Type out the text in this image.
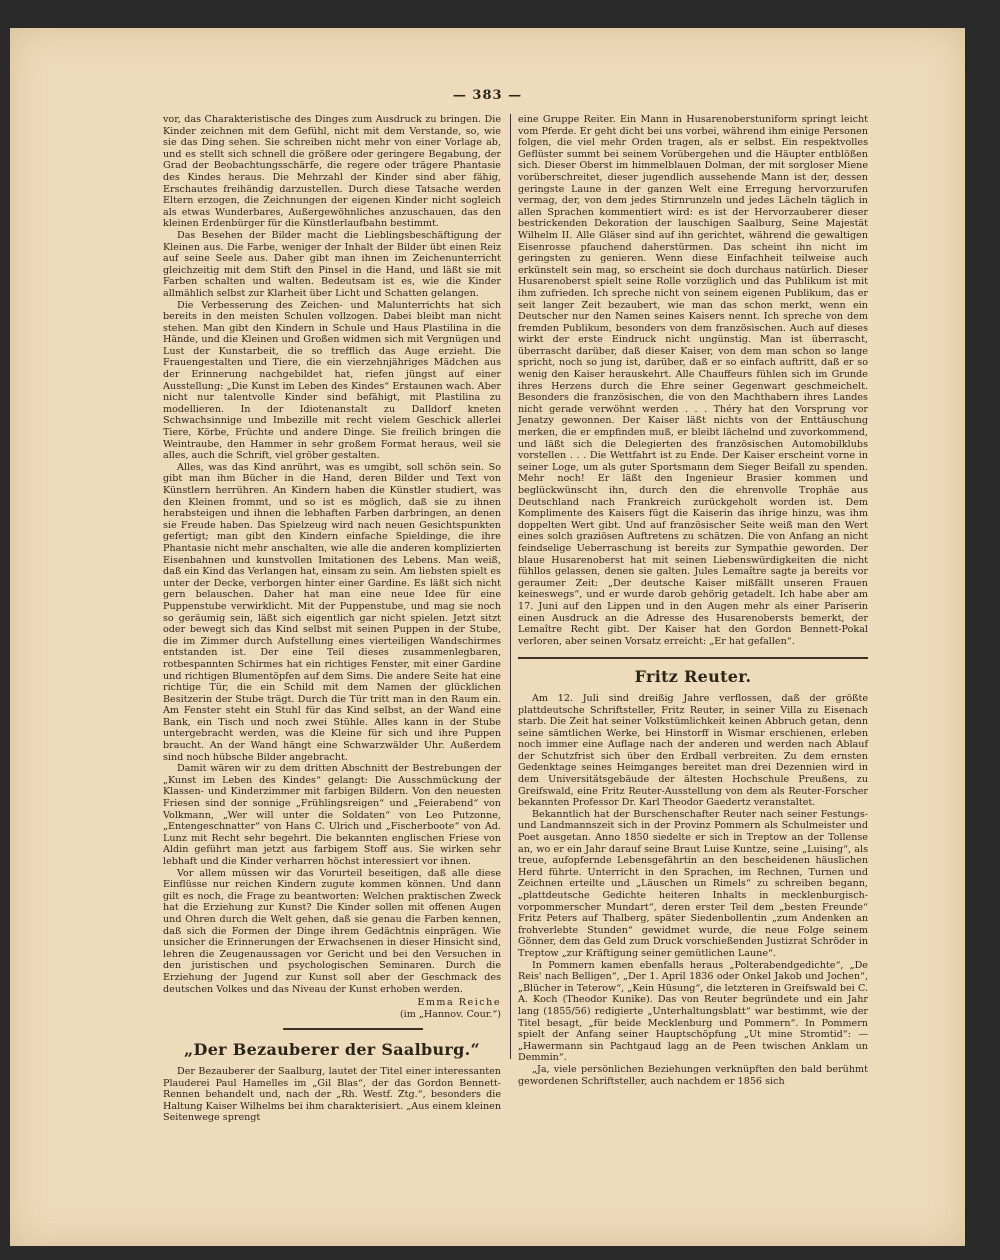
— 383 —

vor, das Charakteristische des Dinges zum Ausdruck zu bringen. Die Kinder zeichnen mit dem Gefühl, nicht mit dem Verstande, so, wie sie das Ding sehen. Sie schreiben nicht mehr von einer Vorlage ab, und es stellt sich schnell die größere oder geringere Begabung, der Grad der Beobachtungsschärfe, die regere oder trägere Phantasie des Kindes heraus. Die Mehrzahl der Kinder sind aber fähig, Erschautes freihändig darzustellen. Durch diese Tatsache werden Eltern erzogen, die Zeichnungen der eigenen Kinder nicht sogleich als etwas Wunderbares, Außergewöhnliches anzuschauen, das den kleinen Erdenbürger für die Künstlerlaufbahn bestimmt.

Das Besehen der Bilder macht die Lieblingsbeschäftigung der Kleinen aus. Die Farbe, weniger der Inhalt der Bilder übt einen Reiz auf seine Seele aus. Daher gibt man ihnen im Zeichenunterricht gleichzeitig mit dem Stift den Pinsel in die Hand, und läßt sie mit Farben schalten und walten. Bedeutsam ist es, wie die Kinder allmählich selbst zur Klarheit über Licht und Schatten gelangen.

Die Verbesserung des Zeichen- und Malunterrichts hat sich bereits in den meisten Schulen vollzogen. Dabei bleibt man nicht stehen. Man gibt den Kindern in Schule und Haus Plastilina in die Hände, und die Kleinen und Großen widmen sich mit Vergnügen und Lust der Kunstarbeit, die so trefflich das Auge erzieht. Die Frauengestalten und Tiere, die ein vierzehnjähriges Mädchen aus der Erinnerung nachgebildet hat, riefen jüngst auf einer Ausstellung: „Die Kunst im Leben des Kindes“ Erstaunen wach. Aber nicht nur talentvolle Kinder sind befähigt, mit Plastilina zu modellieren. In der Idiotenanstalt zu Dalldorf kneten Schwachsinnige und Imbezille mit recht vielem Geschick allerlei Tiere, Körbe, Früchte und andere Dinge. Sie freilich bringen die Weintraube, den Hammer in sehr großem Format heraus, weil sie alles, auch die Schrift, viel gröber gestalten.

Alles, was das Kind anrührt, was es umgibt, soll schön sein. So gibt man ihm Bücher in die Hand, deren Bilder und Text von Künstlern herrühren. An Kindern haben die Künstler studiert, was den Kleinen frommt, und so ist es möglich, daß sie zu ihnen herabsteigen und ihnen die lebhaften Farben darbringen, an denen sie Freude haben. Das Spielzeug wird nach neuen Gesichtspunkten gefertigt; man gibt den Kindern einfache Spieldinge, die ihre Phantasie nicht mehr anschalten, wie alle die anderen komplizierten Eisenbahnen und kunstvollen Imitationen des Lebens. Man weiß, daß ein Kind das Verlangen hat, einsam zu sein. Am liebsten spielt es unter der Decke, verborgen hinter einer Gardine. Es läßt sich nicht gern belauschen. Daher hat man eine neue Idee für eine Puppenstube verwirklicht. Mit der Puppenstube, und mag sie noch so geräumig sein, läßt sich eigentlich gar nicht spielen. Jetzt sitzt oder bewegt sich das Kind selbst mit seinen Puppen in der Stube, die im Zimmer durch Aufstellung eines vierteiligen Wandschirmes entstanden ist. Der eine Teil dieses zusammenlegbaren, rotbespannten Schirmes hat ein richtiges Fenster, mit einer Gardine und richtigen Blumentöpfen auf dem Sims. Die andere Seite hat eine richtige Tür, die ein Schild mit dem Namen der glücklichen Besitzerin der Stube trägt. Durch die Tür tritt man in den Raum ein. Am Fenster steht ein Stuhl für das Kind selbst, an der Wand eine Bank, ein Tisch und noch zwei Stühle. Alles kann in der Stube untergebracht werden, was die Kleine für sich und ihre Puppen braucht. An der Wand hängt eine Schwarzwälder Uhr. Außerdem sind noch hübsche Bilder angebracht.

Damit wären wir zu dem dritten Abschnitt der Bestrebungen der „Kunst im Leben des Kindes“ gelangt: Die Ausschmückung der Klassen- und Kinderzimmer mit farbigen Bildern. Von den neuesten Friesen sind der sonnige „Frühlingsreigen“ und „Feierabend“ von Volkmann, „Wer will unter die Soldaten“ von Leo Putzonne, „Entengeschnatter“ von Hans C. Ulrich und „Fischerboote“ von Ad. Lunz mit Recht sehr begehrt. Die bekannten englischen Friese von Aldin geführt man jetzt aus farbigem Stoff aus. Sie wirken sehr lebhaft und die Kinder verharren höchst interessiert vor ihnen.

Vor allem müssen wir das Vorurteil beseitigen, daß alle diese Einflüsse nur reichen Kindern zugute kommen können. Und dann gilt es noch, die Frage zu beantworten: Welchen praktischen Zweck hat die Erziehung zur Kunst? Die Kinder sollen mit offenen Augen und Ohren durch die Welt gehen, daß sie genau die Farben kennen, daß sich die Formen der Dinge ihrem Gedächtnis einprägen. Wie unsicher die Erinnerungen der Erwachsenen in dieser Hinsicht sind, lehren die Zeugenaussagen vor Gericht und bei den Versuchen in den juristischen und psychologischen Seminaren. Durch die Erziehung der Jugend zur Kunst soll aber der Geschmack des deutschen Volkes und das Niveau der Kunst erhoben werden.

Emma Reiche
(im „Hannov. Cour.“)
„Der Bezauberer der Saalburg.“

Der Bezauberer der Saalburg, lautet der Titel einer interessanten Plauderei Paul Hamelles im „Gil Blas“, der das Gordon Bennett-Rennen behandelt und, nach der „Rh. Westf. Ztg.“, besonders die Haltung Kaiser Wilhelms bei ihm charakterisiert. „Aus einem kleinen Seitenwege sprengt

eine Gruppe Reiter. Ein Mann in Husarenoberstuniform springt leicht vom Pferde. Er geht dicht bei uns vorbei, während ihm einige Personen folgen, die viel mehr Orden tragen, als er selbst. Ein respektvolles Geflüster summt bei seinem Vorübergehen und die Häupter entblößen sich. Dieser Oberst im himmelblauen Dolman, der mit sorgloser Miene vorüberschreitet, dieser jugendlich aussehende Mann ist der, dessen geringste Laune in der ganzen Welt eine Erregung hervorzurufen vermag, der, von dem jedes Stirnrunzeln und jedes Lächeln täglich in allen Sprachen kommentiert wird: es ist der Hervorzauberer dieser bestrickenden Dekoration der lauschigen Saalburg, Seine Majestät Wilhelm II. Alle Gläser sind auf ihn gerichtet, während die gewaltigen Eisenrosse pfauchend daherstürmen. Das scheint ihn nicht im geringsten zu genieren. Wenn diese Einfachheit teilweise auch erkünstelt sein mag, so erscheint sie doch durchaus natürlich. Dieser Husarenoberst spielt seine Rolle vorzüglich und das Publikum ist mit ihm zufrieden. Ich spreche nicht von seinem eigenen Publikum, das er seit langer Zeit bezaubert, wie man das schon merkt, wenn ein Deutscher nur den Namen seines Kaisers nennt. Ich spreche von dem fremden Publikum, besonders von dem französischen. Auch auf dieses wirkt der erste Eindruck nicht ungünstig. Man ist überrascht, überrascht darüber, daß dieser Kaiser, von dem man schon so lange spricht, noch so jung ist, darüber, daß er so einfach auftritt, daß er so wenig den Kaiser herauskehrt. Alle Chauffeurs fühlen sich im Grunde ihres Herzens durch die Ehre seiner Gegenwart geschmeichelt. Besonders die französischen, die von den Machthabern ihres Landes nicht gerade verwöhnt werden . . . Théry hat den Vorsprung vor Jenatzy gewonnen. Der Kaiser läßt nichts von der Enttäuschung merken, die er empfinden muß, er bleibt lächelnd und zuvorkommend, und läßt sich die Delegierten des französischen Automobilklubs vorstellen . . . Die Wettfahrt ist zu Ende. Der Kaiser erscheint vorne in seiner Loge, um als guter Sportsmann dem Sieger Beifall zu spenden. Mehr noch! Er läßt den Ingenieur Brasier kommen und beglückwünscht ihn, durch den die ehrenvolle Trophäe aus Deutschland nach Frankreich zurückgeholt worden ist. Dem Komplimente des Kaisers fügt die Kaiserin das ihrige hinzu, was ihm doppelten Wert gibt. Und auf französischer Seite weiß man den Wert eines solch graziösen Auftretens zu schätzen. Die von Anfang an nicht feindselige Ueberraschung ist bereits zur Sympathie geworden. Der blaue Husarenoberst hat mit seinen Liebenswürdigkeiten die nicht fühllos gelassen, denen sie galten. Jules Lemaître sagte ja bereits vor geraumer Zeit: „Der deutsche Kaiser mißfällt unseren Frauen keineswegs“, und er wurde darob gehörig getadelt. Ich habe aber am 17. Juni auf den Lippen und in den Augen mehr als einer Pariserin einen Ausdruck an die Adresse des Husarenobersts bemerkt, der Lemaître Recht gibt. Der Kaiser hat den Gordon Bennett-Pokal verloren, aber seinen Vorsatz erreicht: „Er hat gefallen“.

Fritz Reuter.

Am 12. Juli sind dreißig Jahre verflossen, daß der größte plattdeutsche Schriftsteller, Fritz Reuter, in seiner Villa zu Eisenach starb. Die Zeit hat seiner Volkstümlichkeit keinen Abbruch getan, denn seine sämtlichen Werke, bei Hinstorff in Wismar erschienen, erleben noch immer eine Auflage nach der anderen und werden nach Ablauf der Schutzfrist sich über den Erdball verbreiten. Zu dem ernsten Gedenktage seines Heimganges bereitet man drei Dezennien wird in dem Universitätsgebäude der ältesten Hochschule Preußens, zu Greifswald, eine Fritz Reuter-Ausstellung von dem als Reuter-Forscher bekannten Professor Dr. Karl Theodor Gaedertz veranstaltet.

Bekanntlich hat der Burschenschafter Reuter nach seiner Festungs- und Landmannszeit sich in der Provinz Pommern als Schulmeister und Poet ausgetan. Anno 1850 siedelte er sich in Treptow an der Tollense an, wo er ein Jahr darauf seine Braut Luise Kuntze, seine „Luising“, als treue, aufopfernde Lebensgefährtin an den bescheidenen häuslichen Herd führte. Unterricht in den Sprachen, im Rechnen, Turnen und Zeichnen erteilte und „Läuschen un Rimels“ zu schreiben begann, „plattdeutsche Gedichte heiteren Inhalts in mecklenburgisch-vorpommerscher Mundart“, deren erster Teil dem „besten Freunde“ Fritz Peters auf Thalberg, später Siedenbollentin „zum Andenken an frohverlebte Stunden“ gewidmet wurde, die neue Folge seinem Gönner, dem das Geld zum Druck vorschießenden Justizrat Schröder in Treptow „zur Kräftigung seiner gemütlichen Laune“.

In Pommern kamen ebenfalls heraus „Polterabendgedichte“, „De Reis' nach Belligen“, „Der 1. April 1836 oder Onkel Jakob und Jochen“, „Blücher in Teterow“, „Kein Hüsung“, die letzteren in Greifswald bei C. A. Koch (Theodor Kunike). Das von Reuter begründete und ein Jahr lang (1855/56) redigierte „Unterhaltungsblatt“ war bestimmt, wie der Titel besagt, „für beide Mecklenburg und Pommern“. In Pommern spielt der Anfang seiner Hauptschöpfung „Ut mine Stromtid“: — „Hawermann sin Pachtgaud lagg an de Peen twischen Anklam un Demmin“.

„Ja, viele persönlichen Beziehungen verknüpften den bald berühmt gewordenen Schriftsteller, auch nachdem er 1856 sich
